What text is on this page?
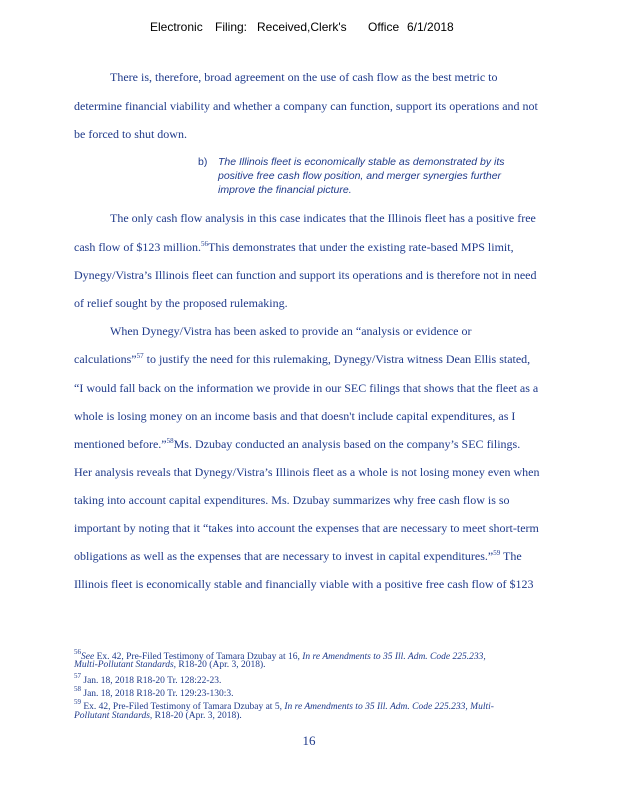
Electronic Filing: Received,Clerk's Office 6/1/2018
There is, therefore, broad agreement on the use of cash flow as the best metric to
determine financial viability and whether a company can function, support its operations and not
be forced to shut down.
b) The Illinois fleet is economically stable as demonstrated by its
positive free cash flow position, and merger synergies further
improve the financial picture.
The only cash flow analysis in this case indicates that the Illinois fleet has a positive free
cash flow of $123 million.$^{56}$This demonstrates that under the existing rate-based MPS limit,
Dynegy/Vistra’s Illinois fleet can function and support its operations and is therefore not in need
of relief sought by the proposed rulemaking.
When Dynegy/Vistra has been asked to provide an “analysis or evidence or
calculations”$^{57}$ to justify the need for this rulemaking, Dynegy/Vistra witness Dean Ellis stated,
“I would fall back on the information we provide in our SEC filings that shows that the fleet as a
whole is losing money on an income basis and that doesn't include capital expenditures, as I
mentioned before.”$^{58}$Ms. Dzubay conducted an analysis based on the company’s SEC filings.
Her analysis reveals that Dynegy/Vistra’s Illinois fleet as a whole is not losing money even when
taking into account capital expenditures. Ms. Dzubay summarizes why free cash flow is so
important by noting that it “takes into account the expenses that are necessary to meet short-term
obligations as well as the expenses that are necessary to invest in capital expenditures.”$^{59}$ The
Illinois fleet is economically stable and financially viable with a positive free cash flow of $123
$^{56}$See Ex. 42, Pre-Filed Testimony of Tamara Dzubay at 16, In re Amendments to 35 Ill. Adm. Code 225.233,
Multi-Pollutant Standards, R18-20 (Apr. 3, 2018).
$^{57}$ Jan. 18, 2018 R18-20 Tr. 128:22-23.
$^{58}$ Jan. 18, 2018 R18-20 Tr. 129:23-130:3.
$^{59}$ Ex. 42, Pre-Filed Testimony of Tamara Dzubay at 5, In re Amendments to 35 Ill. Adm. Code 225.233, Multi-
Pollutant Standards, R18-20 (Apr. 3, 2018).
16
